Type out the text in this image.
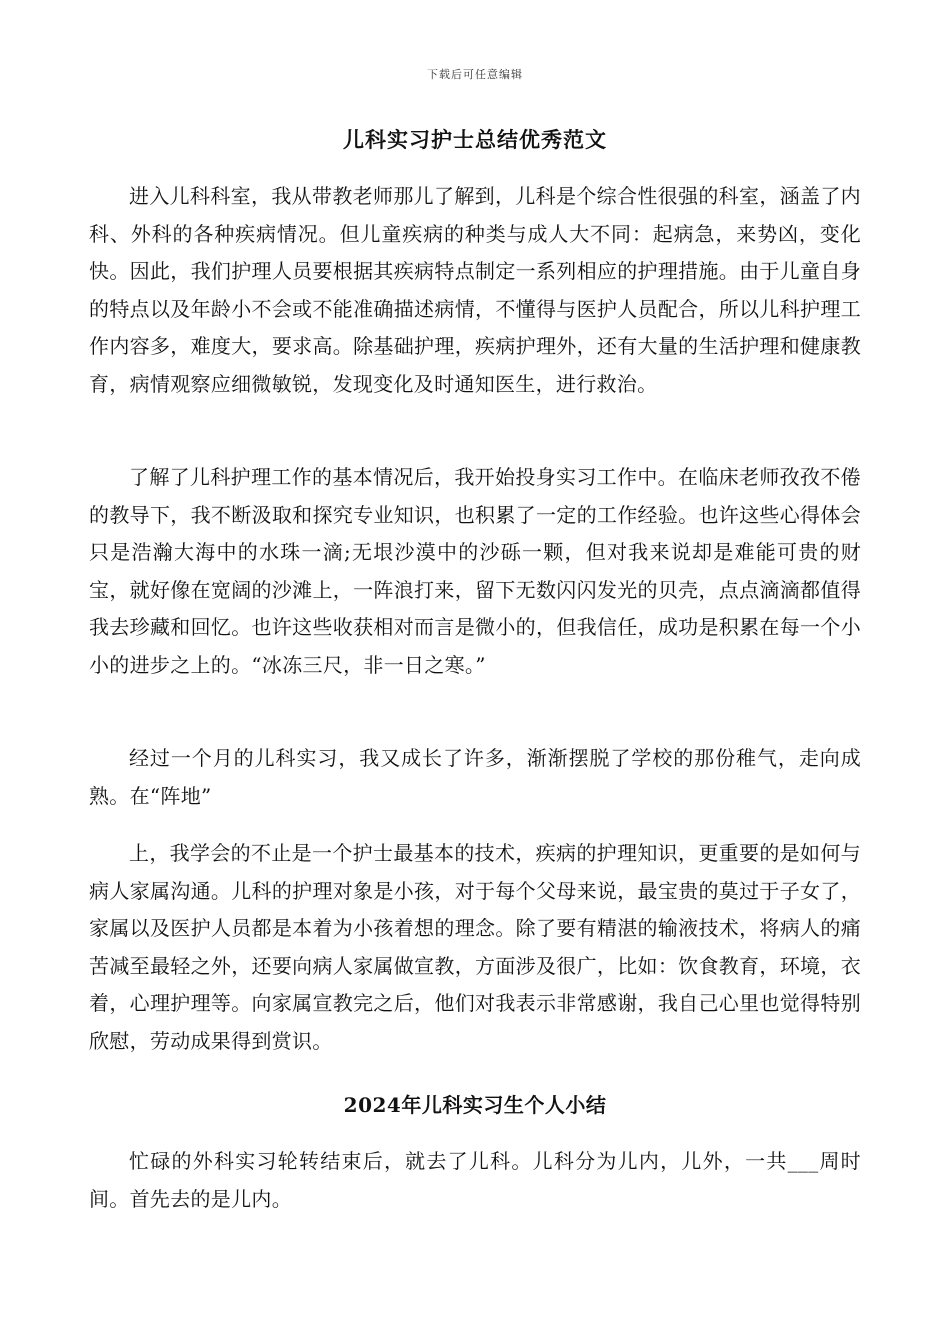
下载后可任意编辑
儿科实习护士总结优秀范文

进入儿科科室，我从带教老师那儿了解到，儿科是个综合性很强的科室，涵盖了内科、外科的各种疾病情况。但儿童疾病的种类与成人大不同：起病急，来势凶，变化快。因此，我们护理人员要根据其疾病特点制定一系列相应的护理措施。由于儿童自身的特点以及年龄小不会或不能准确描述病情，不懂得与医护人员配合，所以儿科护理工作内容多，难度大，要求高。除基础护理，疾病护理外，还有大量的生活护理和健康教育，病情观察应细微敏锐，发现变化及时通知医生，进行救治。

了解了儿科护理工作的基本情况后，我开始投身实习工作中。在临床老师孜孜不倦的教导下，我不断汲取和探究专业知识，也积累了一定的工作经验。也许这些心得体会只是浩瀚大海中的水珠一滴;无垠沙漠中的沙砾一颗，但对我来说却是难能可贵的财宝，就好像在宽阔的沙滩上，一阵浪打来，留下无数闪闪发光的贝壳，点点滴滴都值得我去珍藏和回忆。也许这些收获相对而言是微小的，但我信任，成功是积累在每一个小小的进步之上的。“冰冻三尺，非一日之寒。”

经过一个月的儿科实习，我又成长了许多，渐渐摆脱了学校的那份稚气，走向成熟。在“阵地”

上，我学会的不止是一个护士最基本的技术，疾病的护理知识，更重要的是如何与病人家属沟通。儿科的护理对象是小孩，对于每个父母来说，最宝贵的莫过于子女了，家属以及医护人员都是本着为小孩着想的理念。除了要有精湛的输液技术，将病人的痛苦减至最轻之外，还要向病人家属做宣教，方面涉及很广，比如：饮食教育，环境，衣着，心理护理等。向家属宣教完之后，他们对我表示非常感谢，我自己心里也觉得特别欣慰，劳动成果得到赏识。

2024年儿科实习生个人小结

忙碌的外科实习轮转结束后，就去了儿科。儿科分为儿内，儿外，一共___周时间。首先去的是儿内。
